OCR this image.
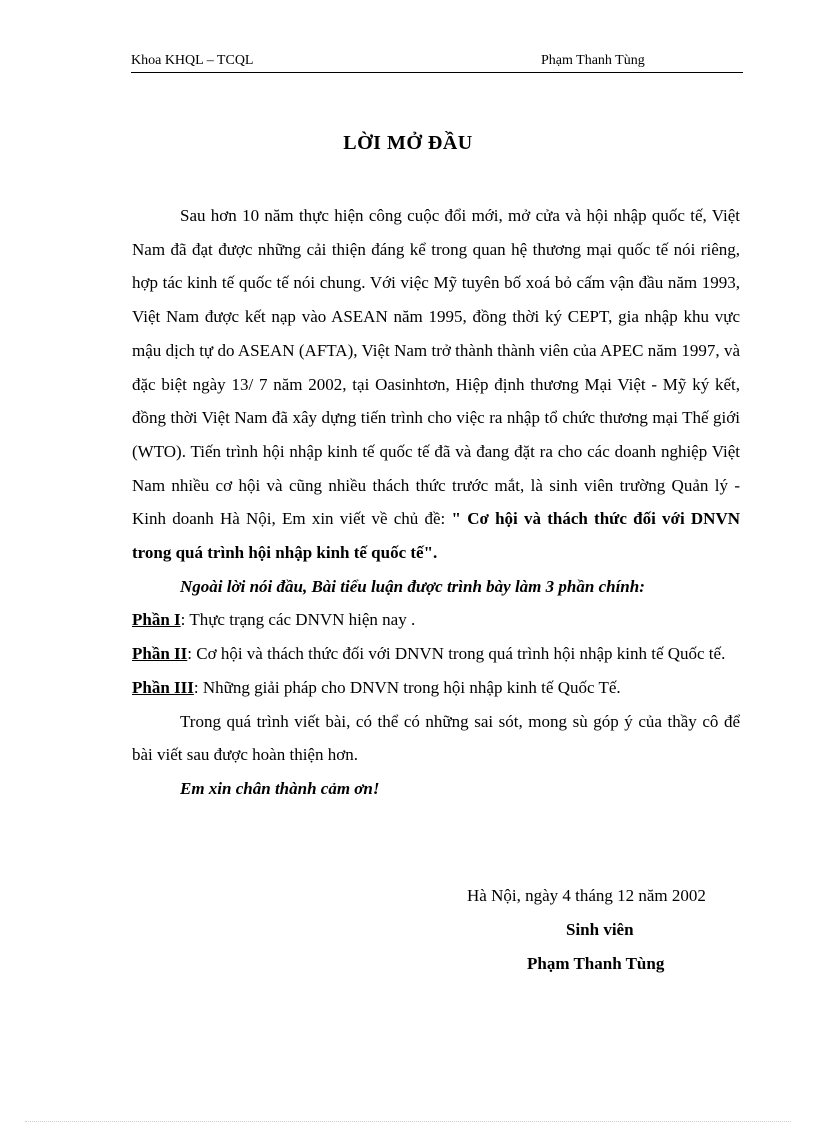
Khoa KHQL – TCQL	Phạm Thanh Tùng
LỜI MỞ ĐẦU

Sau hơn 10 năm thực hiện công cuộc đổi mới, mở cửa và hội nhập quốc tế, Việt Nam đã đạt được những cải thiện đáng kể trong quan hệ thương mại quốc tế nói riêng, hợp tác kinh tế quốc tế nói chung. Với việc Mỹ tuyên bố xoá bỏ cấm vận đầu năm 1993, Việt Nam được kết nạp vào ASEAN năm 1995, đồng thời ký CEPT, gia nhập khu vực mậu dịch tự do ASEAN (AFTA), Việt Nam trở thành thành viên của APEC năm 1997, và đặc biệt ngày 13/ 7 năm 2002, tại Oasinhtơn, Hiệp định thương Mại Việt - Mỹ ký kết, đồng thời Việt Nam đã xây dựng tiến trình cho việc ra nhập tổ chức thương mại Thế giới (WTO). Tiến trình hội nhập kinh tế quốc tế đã và đang đặt ra cho các doanh nghiệp Việt Nam nhiều cơ hội và cũng nhiều thách thức trước mắt, là sinh viên trường Quản lý - Kinh doanh Hà Nội, Em xin viết về chủ đề: " Cơ hội và thách thức đối với DNVN trong quá trình hội nhập kinh tế quốc tế".

Ngoài lời nói đầu, Bài tiểu luận được trình bày làm 3 phần chính:

Phần I: Thực trạng các DNVN hiện nay .

Phần II: Cơ hội và thách thức đối với DNVN trong quá trình hội nhập kinh tế Quốc tế.

Phần III: Những giải pháp cho DNVN trong hội nhập kinh tế Quốc Tế.

Trong quá trình viết bài, có thể có những sai sót, mong sù góp ý của thầy cô để bài viết sau được hoàn thiện hơn.

Em xin chân thành cảm ơn!

Hà Nội, ngày 4 tháng 12 năm 2002
Sinh viên
Phạm Thanh Tùng
